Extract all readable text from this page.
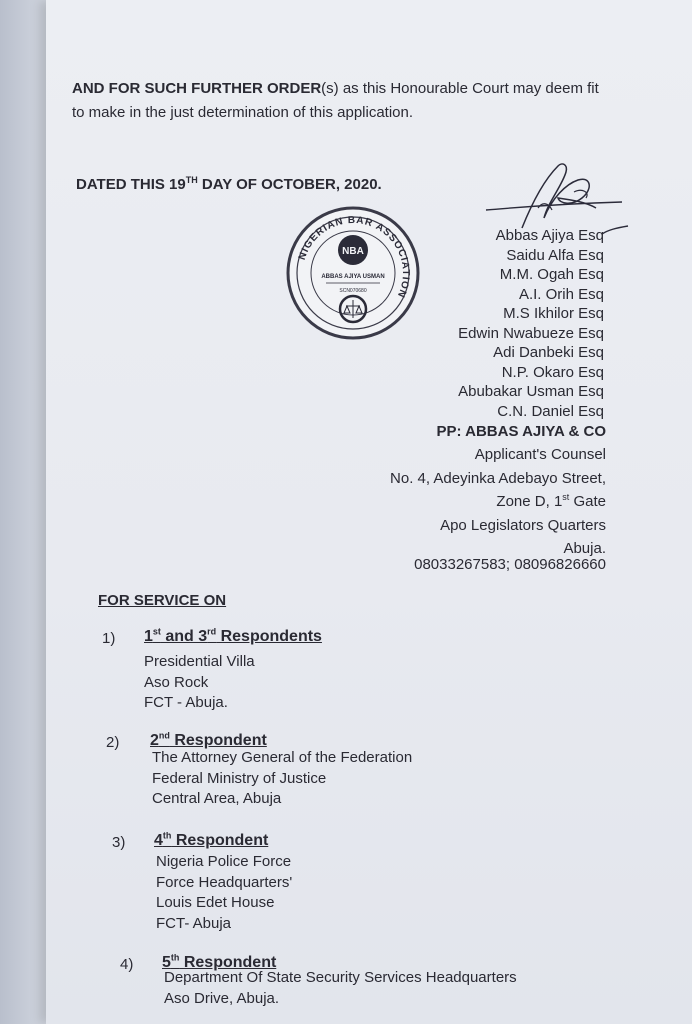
AND FOR SUCH FURTHER ORDER(s) as this Honourable Court may deem fit
to make in the just determination of this application.
DATED THIS 19TH DAY OF OCTOBER, 2020.
NIGERIAN BAR ASSOCIATION
NBA
ABBAS AJIYA USMAN
SCN070680
Abbas Ajiya Esq
Saidu Alfa Esq
M.M. Ogah Esq
A.I. Orih Esq
M.S Ikhilor Esq
Edwin Nwabueze Esq
Adi Danbeki Esq
N.P. Okaro Esq
Abubakar Usman Esq
C.N. Daniel Esq
PP: ABBAS AJIYA & CO
Applicant's Counsel
No. 4, Adeyinka Adebayo Street,
Zone D, 1st Gate
Apo Legislators Quarters
Abuja.
08033267583; 08096826660
FOR SERVICE ON
1) 1st and 3rd Respondents
Presidential Villa
Aso Rock
FCT - Abuja.
2) 2nd Respondent
The Attorney General of the Federation
Federal Ministry of Justice
Central Area, Abuja
3) 4th Respondent
Nigeria Police Force
Force Headquarters'
Louis Edet House
FCT- Abuja
4) 5th Respondent
Department Of State Security Services Headquarters
Aso Drive, Abuja.
